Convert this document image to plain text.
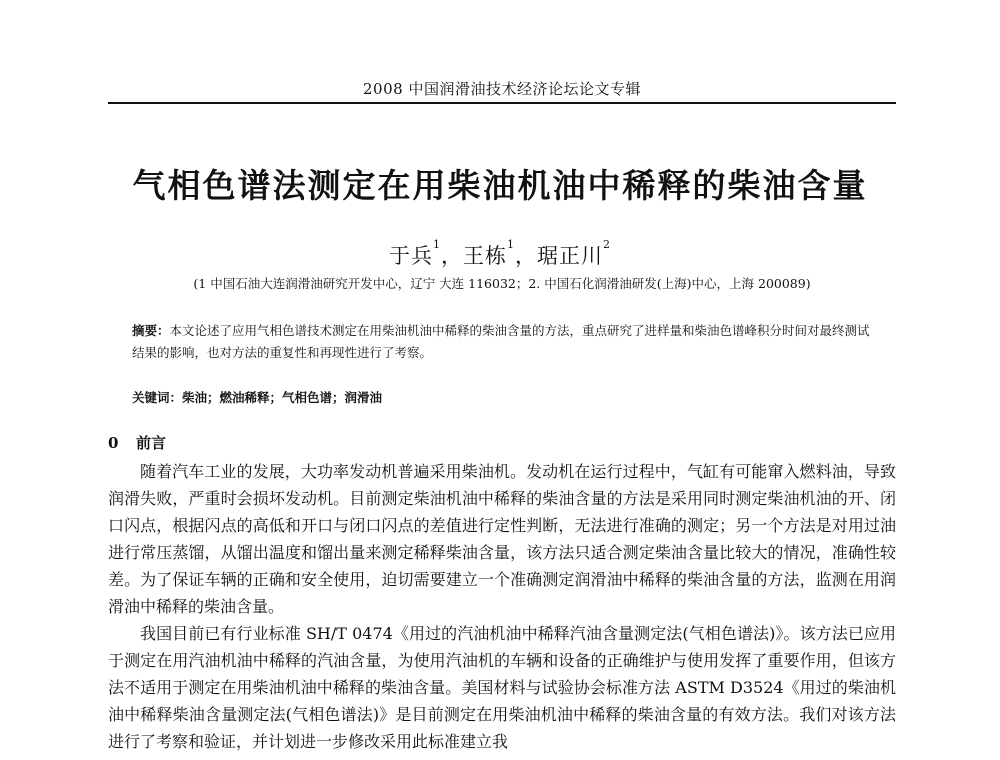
2008 中国润滑油技术经济论坛论文专辑
气相色谱法测定在用柴油机油中稀释的柴油含量
于兵$^1$，王栋$^1$，琚正川$^2$
(1 中国石油大连润滑油研究开发中心，辽宁 大连 116032；2. 中国石化润滑油研发(上海)中心，上海 200089)
摘要：本文论述了应用气相色谱技术测定在用柴油机油中稀释的柴油含量的方法，重点研究了进样量和柴油色谱峰积分时间对最终测试结果的影响，也对方法的重复性和再现性进行了考察。
关键词：柴油；燃油稀释；气相色谱；润滑油
0 前言

随着汽车工业的发展，大功率发动机普遍采用柴油机。发动机在运行过程中，气缸有可能窜入燃料油，导致润滑失败，严重时会损坏发动机。目前测定柴油机油中稀释的柴油含量的方法是采用同时测定柴油机油的开、闭口闪点，根据闪点的高低和开口与闭口闪点的差值进行定性判断，无法进行准确的测定；另一个方法是对用过油进行常压蒸馏，从馏出温度和馏出量来测定稀释柴油含量，该方法只适合测定柴油含量比较大的情况，准确性较差。为了保证车辆的正确和安全使用，迫切需要建立一个准确测定润滑油中稀释的柴油含量的方法，监测在用润滑油中稀释的柴油含量。

我国目前已有行业标准 SH/T 0474《用过的汽油机油中稀释汽油含量测定法(气相色谱法)》。该方法已应用于测定在用汽油机油中稀释的汽油含量，为使用汽油机的车辆和设备的正确维护与使用发挥了重要作用，但该方法不适用于测定在用柴油机油中稀释的柴油含量。美国材料与试验协会标准方法 ASTM D3524《用过的柴油机油中稀释柴油含量测定法(气相色谱法)》是目前测定在用柴油机油中稀释的柴油含量的有效方法。我们对该方法进行了考察和验证，并计划进一步修改采用此标准建立我
